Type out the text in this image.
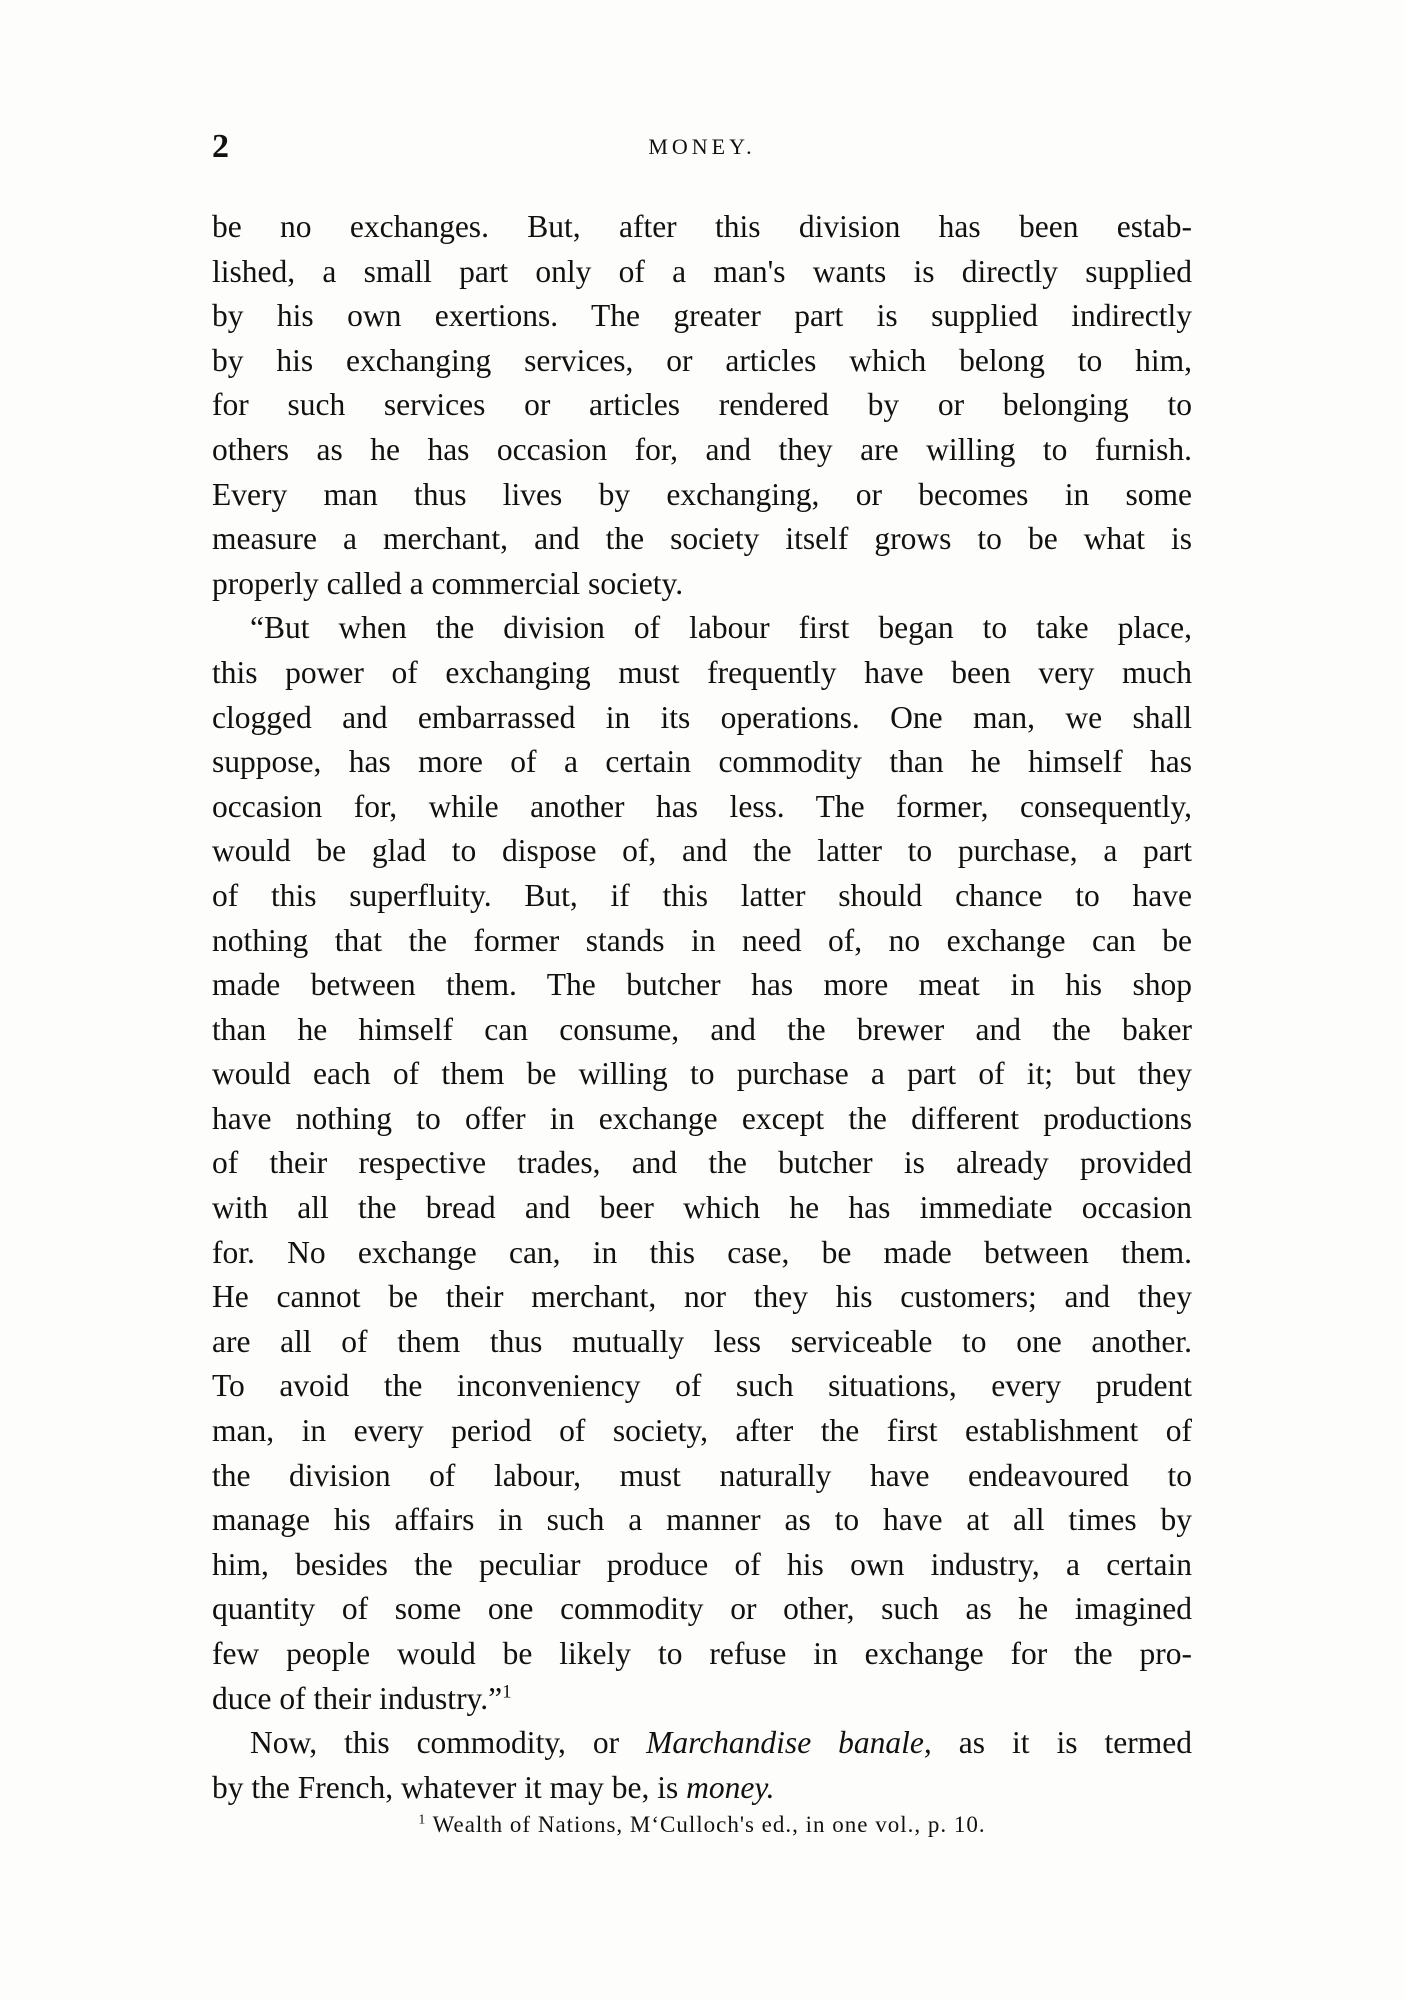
2	MONEY.
be no exchanges. But, after this division has been estab-
lished, a small part only of a man's wants is directly supplied
by his own exertions. The greater part is supplied indirectly
by his exchanging services, or articles which belong to him,
for such services or articles rendered by or belonging to
others as he has occasion for, and they are willing to furnish.
Every man thus lives by exchanging, or becomes in some
measure a merchant, and the society itself grows to be what is
properly called a commercial society.
“But when the division of labour first began to take place,
this power of exchanging must frequently have been very much
clogged and embarrassed in its operations. One man, we shall
suppose, has more of a certain commodity than he himself has
occasion for, while another has less. The former, consequently,
would be glad to dispose of, and the latter to purchase, a part
of this superfluity. But, if this latter should chance to have
nothing that the former stands in need of, no exchange can be
made between them. The butcher has more meat in his shop
than he himself can consume, and the brewer and the baker
would each of them be willing to purchase a part of it; but they
have nothing to offer in exchange except the different productions
of their respective trades, and the butcher is already provided
with all the bread and beer which he has immediate occasion
for. No exchange can, in this case, be made between them.
He cannot be their merchant, nor they his customers; and they
are all of them thus mutually less serviceable to one another.
To avoid the inconveniency of such situations, every prudent
man, in every period of society, after the first establishment of
the division of labour, must naturally have endeavoured to
manage his affairs in such a manner as to have at all times by
him, besides the peculiar produce of his own industry, a certain
quantity of some one commodity or other, such as he imagined
few people would be likely to refuse in exchange for the pro-
duce of their industry.”$^1$
Now, this commodity, or Marchandise banale, as it is termed
by the French, whatever it may be, is money.
$^1$ Wealth of Nations, M‘Culloch's ed., in one vol., p. 10.
